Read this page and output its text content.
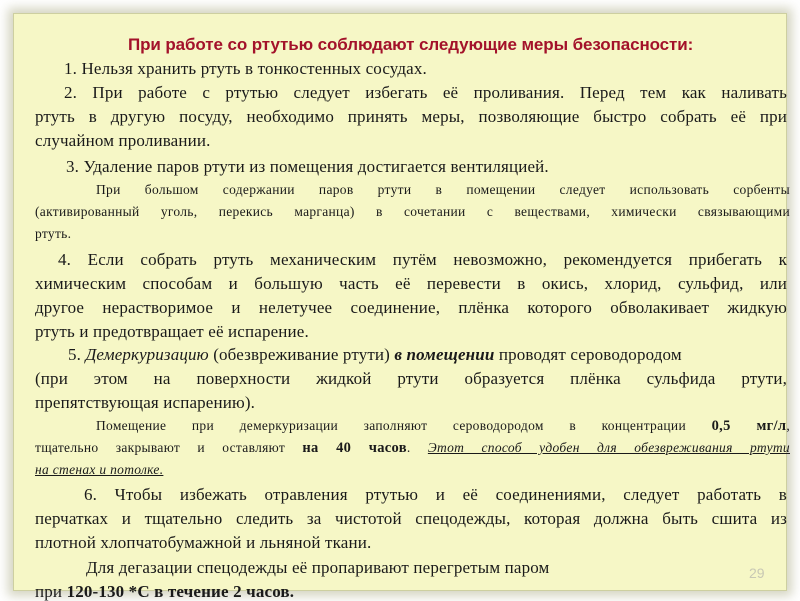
При работе со ртутью соблюдают следующие меры безопасности:
1. Нельзя хранить ртуть в тонкостенных сосудах.
2. При работе с ртутью следует избегать её проливания. Перед тем как наливать
ртуть в другую посуду, необходимо принять меры, позволяющие быстро собрать её при
случайном проливании.
3. Удаление паров ртути из помещения достигается вентиляцией.
При большом содержании паров ртути в помещении следует использовать сорбенты
(активированный уголь, перекись марганца) в сочетании с веществами, химически связывающими
ртуть.
4. Если собрать ртуть механическим путём невозможно, рекомендуется прибегать к
химическим способам и большую часть её перевести в окись, хлорид, сульфид, или
другое нерастворимое и нелетучее соединение, плёнка которого обволакивает жидкую
ртуть и предотвращает её испарение.
5. Демеркуризацию (обезвреживание ртути) в помещении проводят сероводородом
(при этом на поверхности жидкой ртути образуется плёнка сульфида ртути,
препятствующая испарению).
Помещение при демеркуризации заполняют сероводородом в концентрации 0,5 мг/л,
тщательно закрывают и оставляют на 40 часов. Этот способ удобен для обезвреживания ртути
на стенах и потолке.
6. Чтобы избежать отравления ртутью и её соединениями, следует работать в
перчатках и тщательно следить за чистотой спецодежды, которая должна быть сшита из
плотной хлопчатобумажной и льняной ткани.
Для дегазации спецодежды её пропаривают перегретым паром
при 120-130 *С в течение 2 часов.
29
